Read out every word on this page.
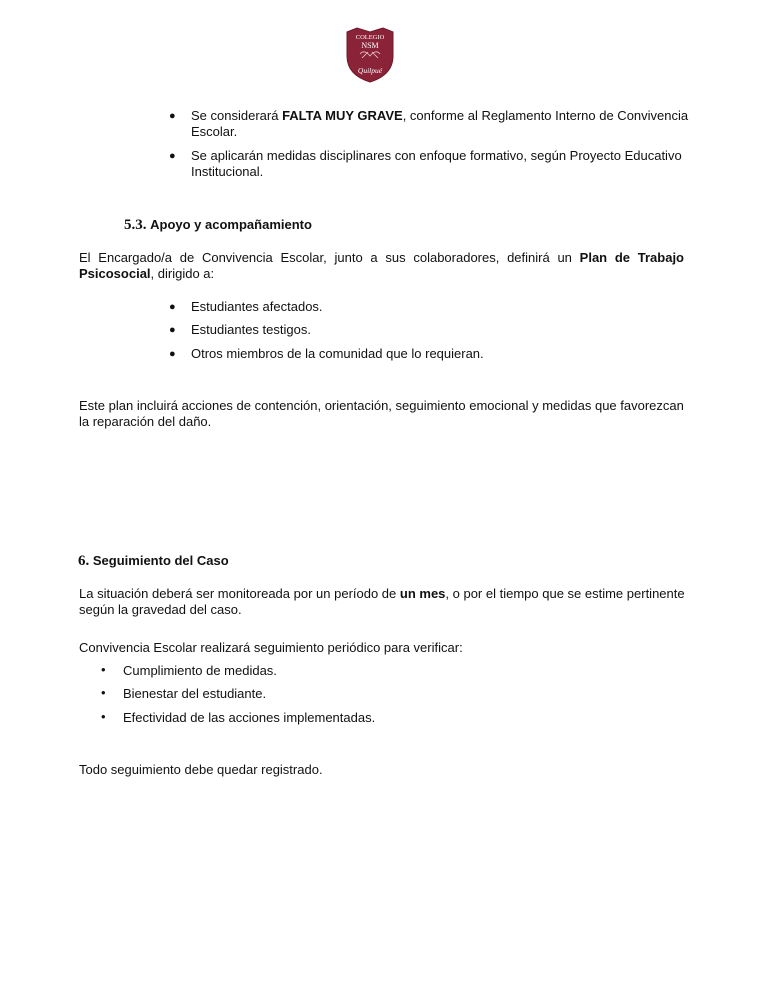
COLEGIO
NSM
Quilpué
● Se considerará FALTA MUY GRAVE, conforme al Reglamento Interno de Convivencia
Escolar.
● Se aplicarán medidas disciplinares con enfoque formativo, según Proyecto Educativo
Institucional.
5.3. Apoyo y acompañamiento
El Encargado/a de Convivencia Escolar, junto a sus colaboradores, definirá un Plan de Trabajo
Psicosocial, dirigido a:
● Estudiantes afectados.
● Estudiantes testigos.
● Otros miembros de la comunidad que lo requieran.
Este plan incluirá acciones de contención, orientación, seguimiento emocional y medidas que favorezcan
la reparación del daño.
6. Seguimiento del Caso
La situación deberá ser monitoreada por un período de un mes, o por el tiempo que se estime pertinente
según la gravedad del caso.
Convivencia Escolar realizará seguimiento periódico para verificar:
• Cumplimiento de medidas.
• Bienestar del estudiante.
• Efectividad de las acciones implementadas.
Todo seguimiento debe quedar registrado.
